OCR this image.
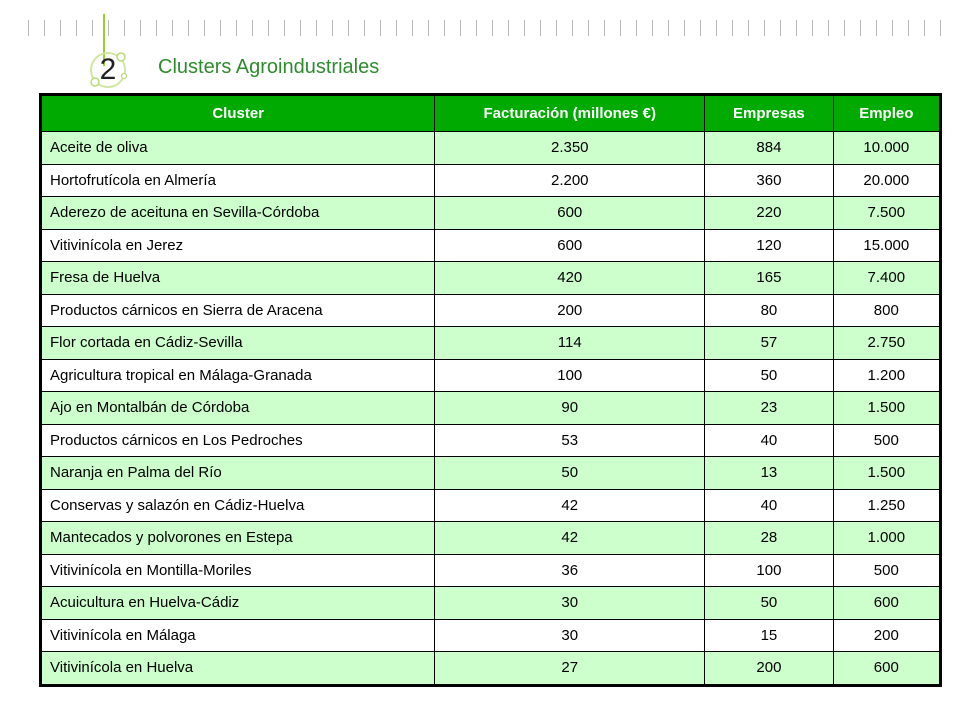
2	Clusters Agroindustriales
Cluster	Facturación (millones €)	Empresas	Empleo
Aceite de oliva	2.350	884	10.000
Hortofrutícola en Almería	2.200	360	20.000
Aderezo de aceituna en Sevilla-Córdoba	600	220	7.500
Vitivinícola en Jerez	600	120	15.000
Fresa de Huelva	420	165	7.400
Productos cárnicos en Sierra de Aracena	200	80	800
Flor cortada en Cádiz-Sevilla	114	57	2.750
Agricultura tropical en Málaga-Granada	100	50	1.200
Ajo en Montalbán de Córdoba	90	23	1.500
Productos cárnicos en Los Pedroches	53	40	500
Naranja en Palma del Río	50	13	1.500
Conservas y salazón en Cádiz-Huelva	42	40	1.250
Mantecados y polvorones en Estepa	42	28	1.000
Vitivinícola en Montilla-Moriles	36	100	500
Acuicultura en Huelva-Cádiz	30	50	600
Vitivinícola en Málaga	30	15	200
Vitivinícola en Huelva	27	200	600
